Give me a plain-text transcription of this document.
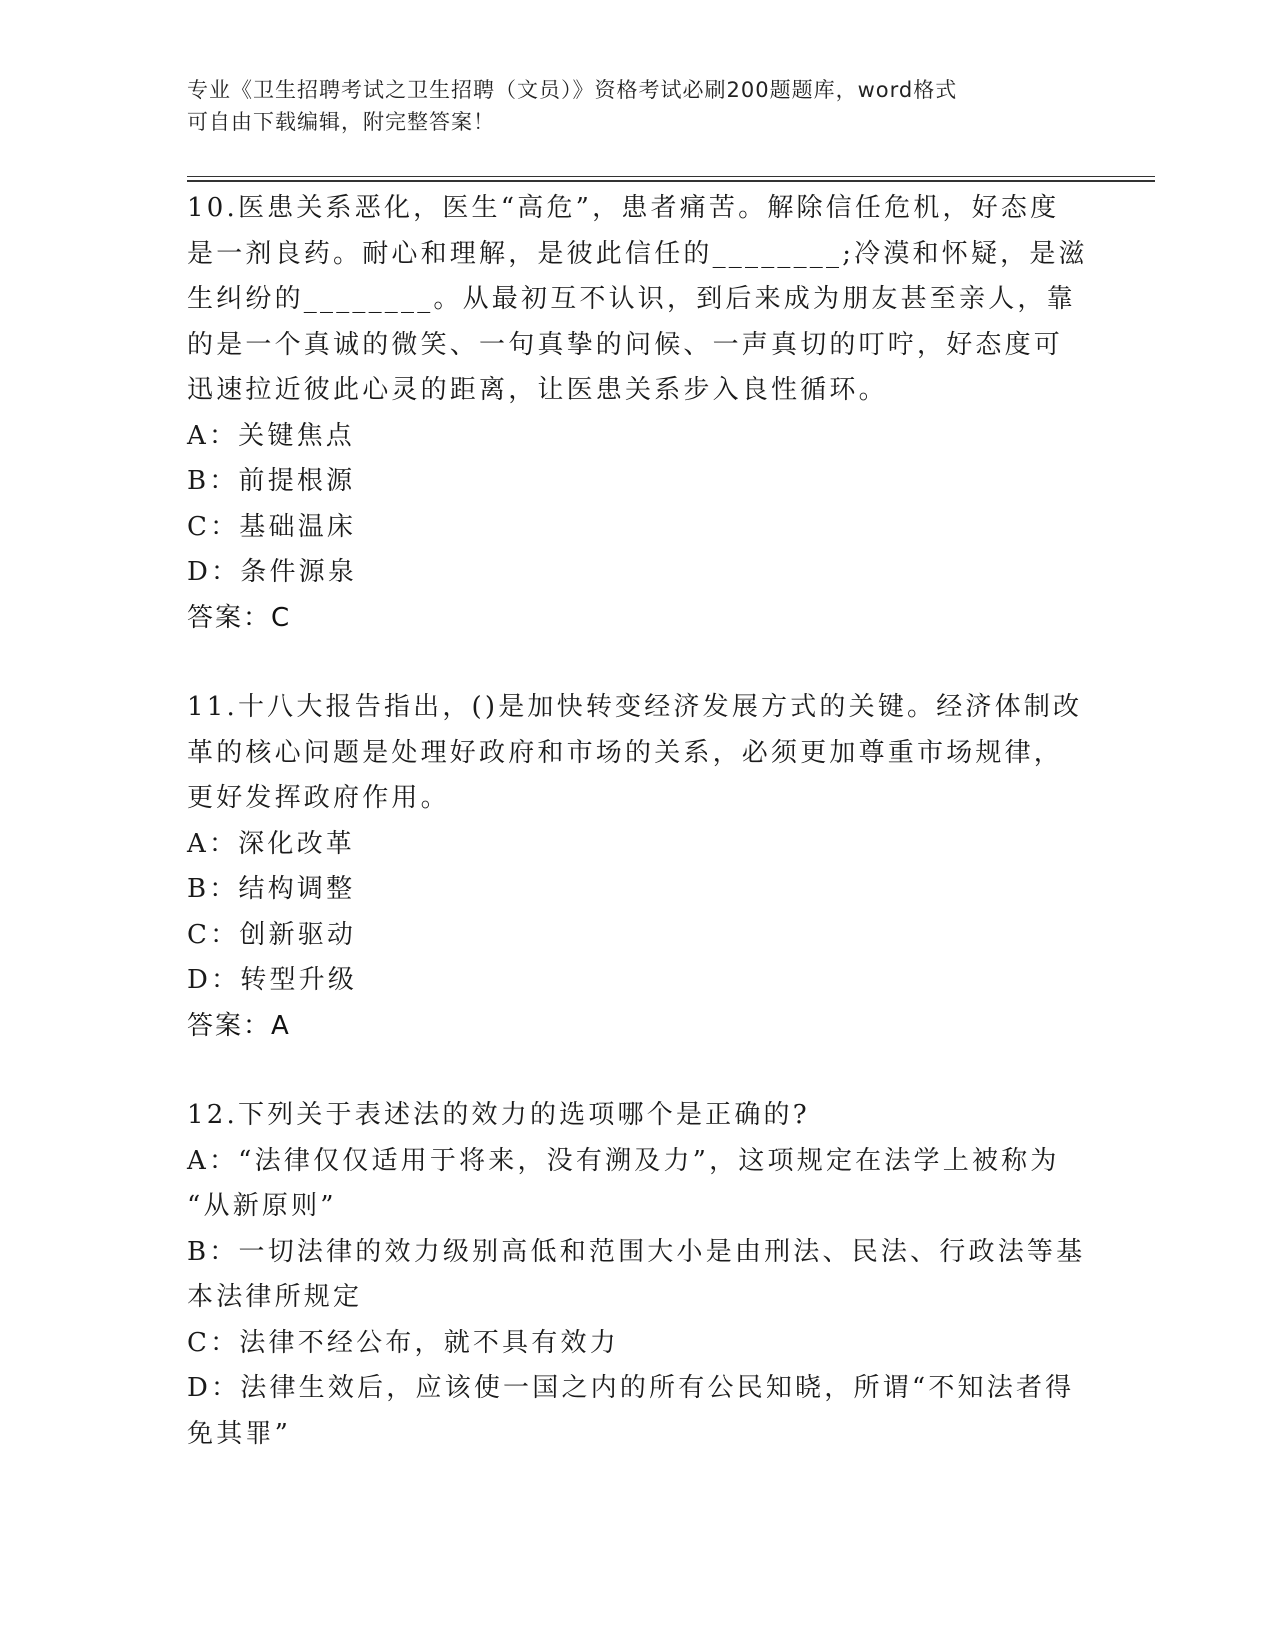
专业《卫生招聘考试之卫生招聘（文员）》资格考试必刷200题题库，word格式
可自由下载编辑，附完整答案！
10.医患关系恶化，医生“高危”，患者痛苦。解除信任危机，好态度
是一剂良药。耐心和理解，是彼此信任的________;冷漠和怀疑，是滋
生纠纷的________。从最初互不认识，到后来成为朋友甚至亲人，靠
的是一个真诚的微笑、一句真挚的问候、一声真切的叮咛，好态度可
迅速拉近彼此心灵的距离，让医患关系步入良性循环。
A：关键焦点
B：前提根源
C：基础温床
D：条件源泉
答案：C
11.十八大报告指出，()是加快转变经济发展方式的关键。经济体制改
革的核心问题是处理好政府和市场的关系，必须更加尊重市场规律，
更好发挥政府作用。
A：深化改革
B：结构调整
C：创新驱动
D：转型升级
答案：A
12.下列关于表述法的效力的选项哪个是正确的?
A：“法律仅仅适用于将来，没有溯及力”，这项规定在法学上被称为
“从新原则”
B：一切法律的效力级别高低和范围大小是由刑法、民法、行政法等基
本法律所规定
C：法律不经公布，就不具有效力
D：法律生效后，应该使一国之内的所有公民知晓，所谓“不知法者得
免其罪”
